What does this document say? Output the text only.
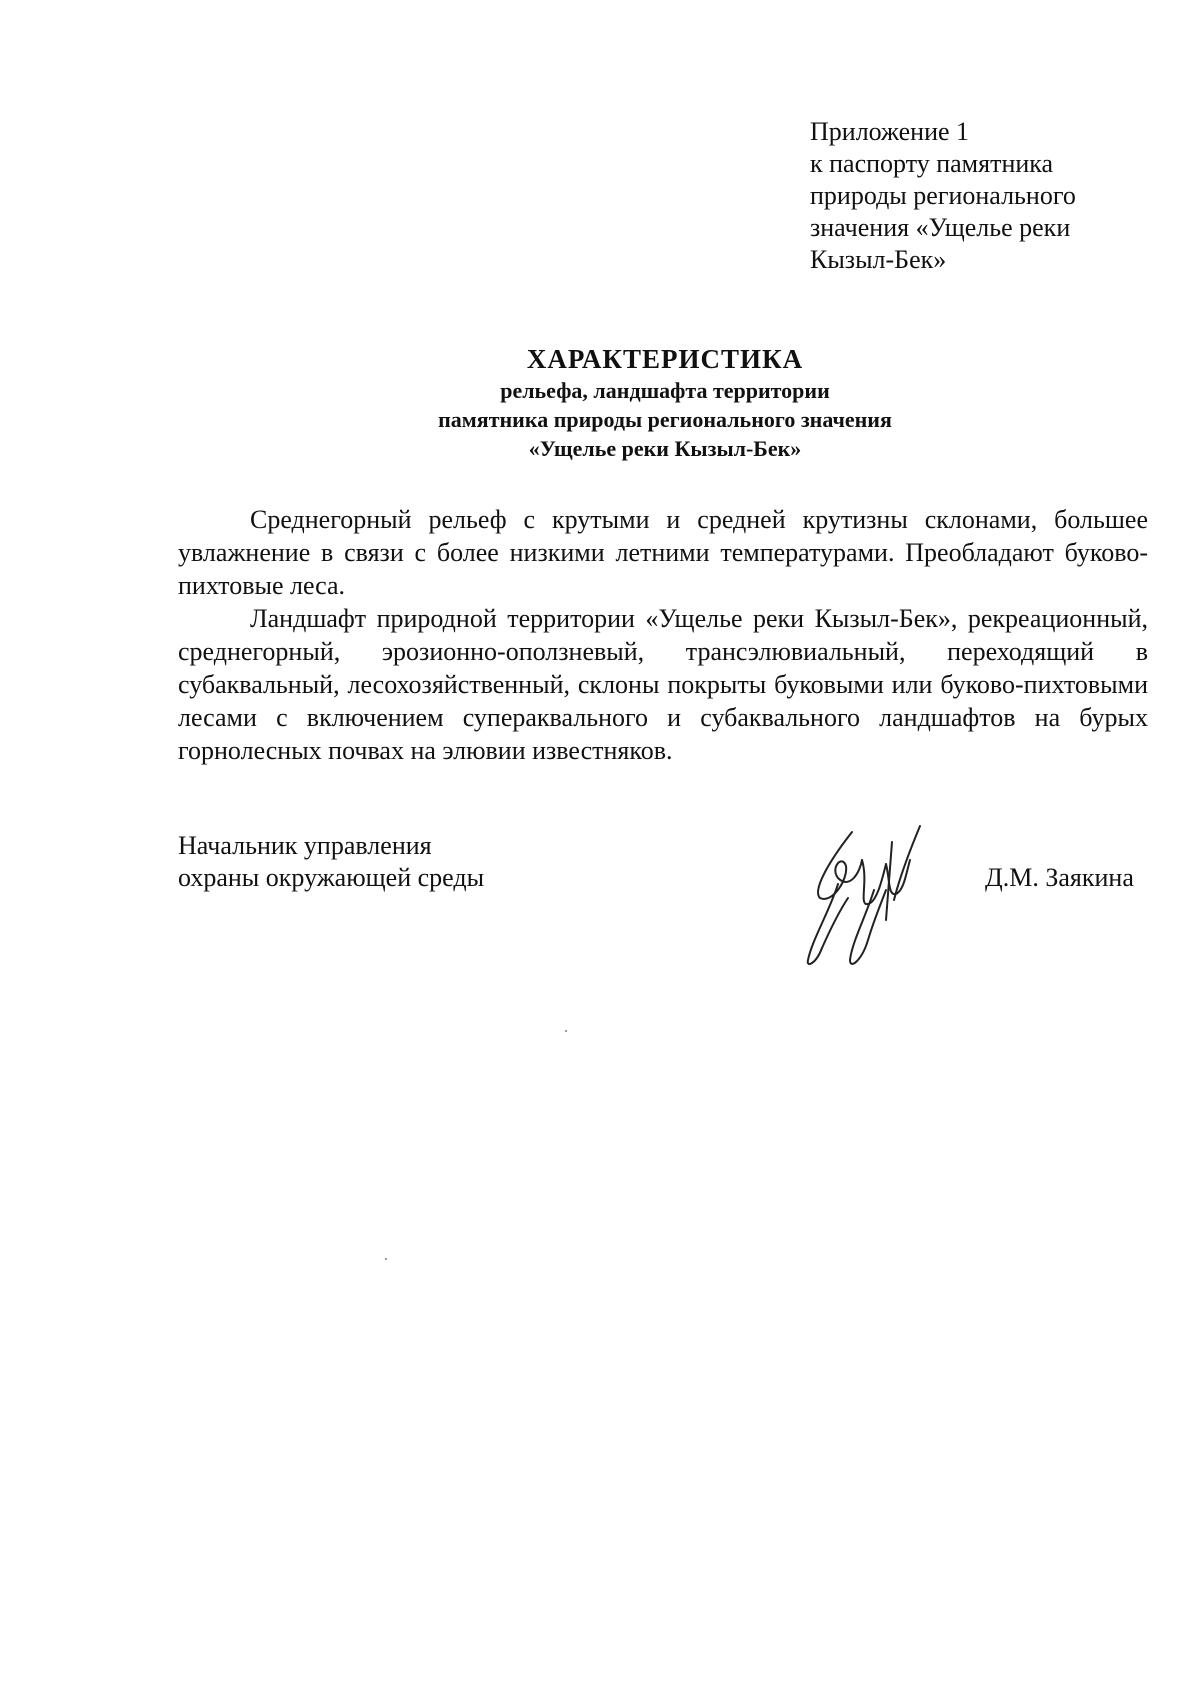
Приложение 1
к паспорту памятника
природы регионального
значения «Ущелье реки
Кызыл-Бек»
ХАРАКТЕРИСТИКА
рельефа, ландшафта территории
памятника природы регионального значения
«Ущелье реки Кызыл-Бек»

Среднегорный рельеф с крутыми и средней крутизны склонами, большее увлажнение в связи с более низкими летними температурами. Преобладают буково-пихтовые леса.

Ландшафт природной территории «Ущелье реки Кызыл-Бек», рекреационный, среднегорный, эрозионно-оползневый, трансэлювиальный, переходящий в субаквальный, лесохозяйственный, склоны покрыты буковыми или буково-пихтовыми лесами с включением супераквального и субаквального ландшафтов на бурых горнолесных почвах на элювии известняков.

Начальник управления
охраны окружающей среды	Д.М. Заякина
